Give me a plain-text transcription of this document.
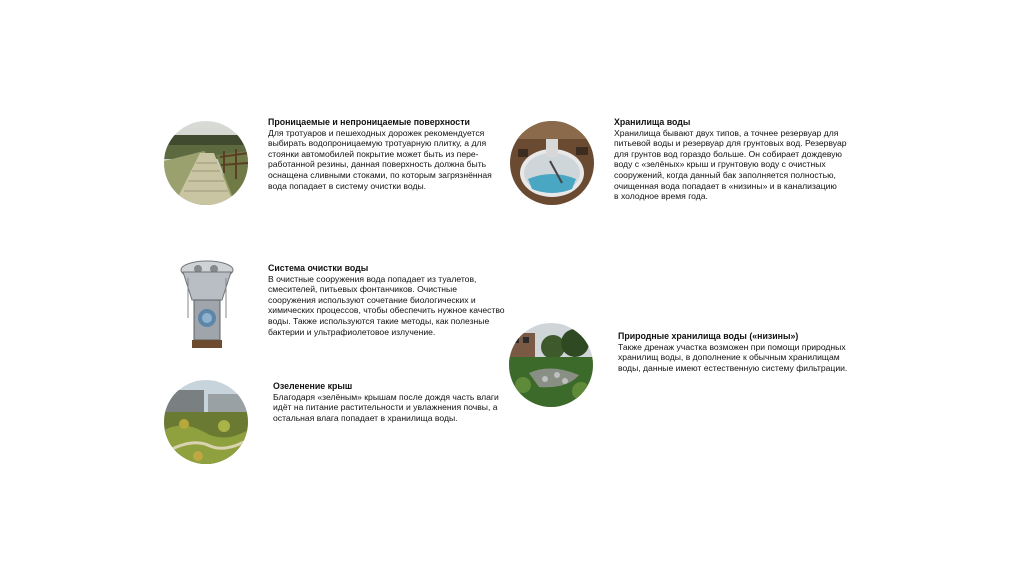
Проницаемые и непроницаемые поверхности
Для тротуаров и пешеходных дорожек рекомендуется
выбирать водопроницаемую тротуарную плитку, а для
стоянки автомобилей покрытие может быть из пере-
работанной резины, данная поверхность должна быть
оснащена сливными стоками, по которым загрязнённая
вода попадает в систему очистки воды.
Хранилища воды
Хранилища бывают двух типов, а точнее резервуар для
питьевой воды и резервуар для грунтовых вод. Резервуар
для грунтов вод гораздо больше. Он собирает дождевую
воду с «зелёных» крыш и грунтовую воду с очистных
сооружений, когда данный бак заполняется полностью,
очищенная вода попадает в «низины» и в канализацию
в холодное время года.
Система очистки воды
В очистные сооружения вода попадает из туалетов,
смесителей, питьевых фонтанчиков. Очистные
сооружения используют сочетание биологических и
химических процессов, чтобы обеспечить нужное качество
воды. Также используются такие методы, как полезные
бактерии и ультрафиолетовое излучение.	Природные хранилища воды («низины»)
Также дренаж участка возможен при помощи природных
хранилищ воды, в дополнение к обычным хранилищам
воды, данные имеют естественную систему фильтрации.
Озеленение крыш
Благодаря «зелёным» крышам после дождя часть влаги
идёт на питание растительности и увлажнения почвы, а
остальная влага попадает в хранилища воды.
